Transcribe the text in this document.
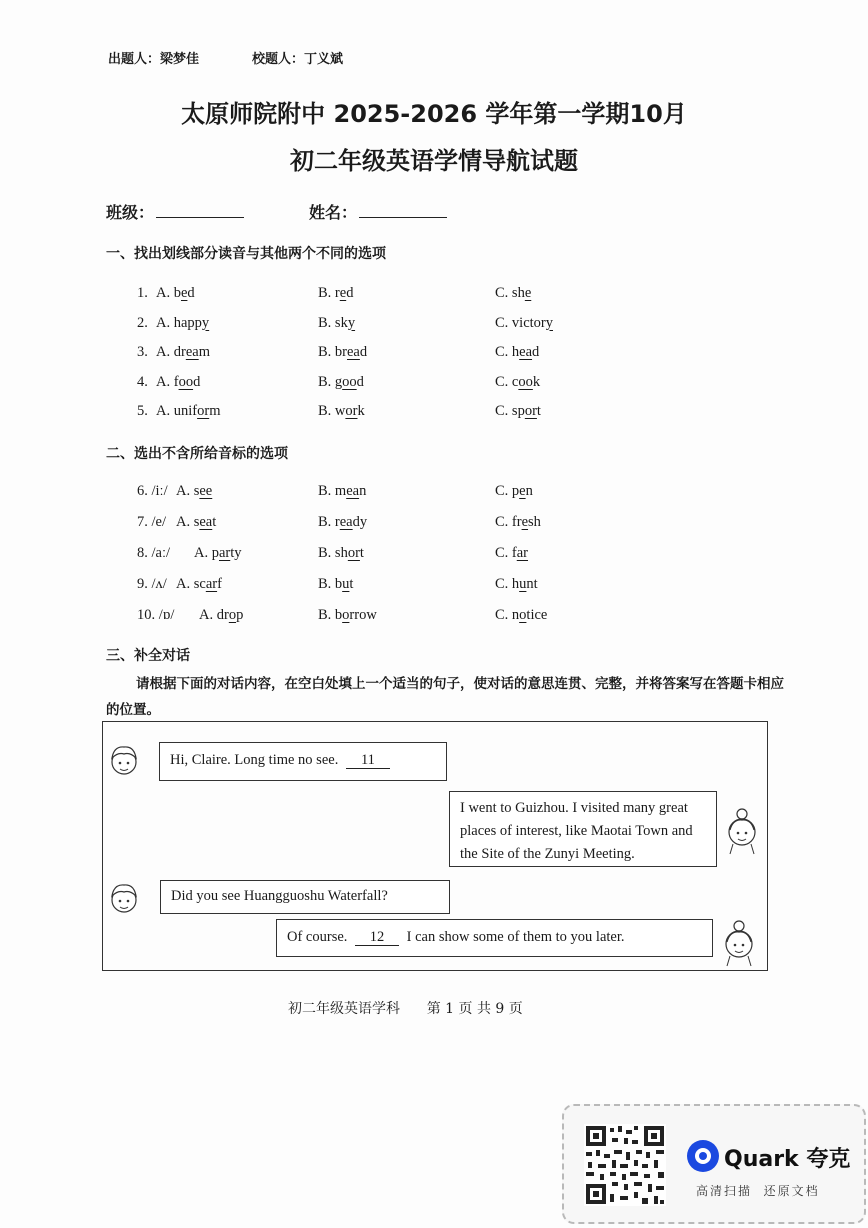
出题人：梁梦佳	校题人：丁义斌
太原师院附中 2025-2026 学年第一学期10月
初二年级英语学情导航试题
班级：	姓名：
一、找出划线部分读音与其他两个不同的选项
1. A. bed	B. red	C. she
2. A. happy	B. sky	C. victory
3. A. dream	B. bread	C. head
4. A. food	B. good	C. cook
5. A. uniform	B. work	C. sport
二、选出不含所给音标的选项
6. /iː/ A. see	B. mean	C. pen
7. /e/ A. seat	B. ready	C. fresh
8. /aː/ A. party	B. short	C. far
9. /ʌ/ A. scarf	B. but	C. hunt
10. /ɒ/ A. drop	B. borrow	C. notice
三、补全对话
请根据下面的对话内容，在空白处填上一个适当的句子，使对话的意思连贯、完整，并将答案写在答题卡相应的位置。
Hi, Claire. Long time no see. 11
I went to Guizhou. I visited many great places of interest, like Maotai Town and the Site of the Zunyi Meeting.
Did you see Huangguoshu Waterfall?
Of course. 12 I can show some of them to you later.
初二年级英语学科 第 1 页 共 9 页
Quark 夸克
高清扫描  还原文档
